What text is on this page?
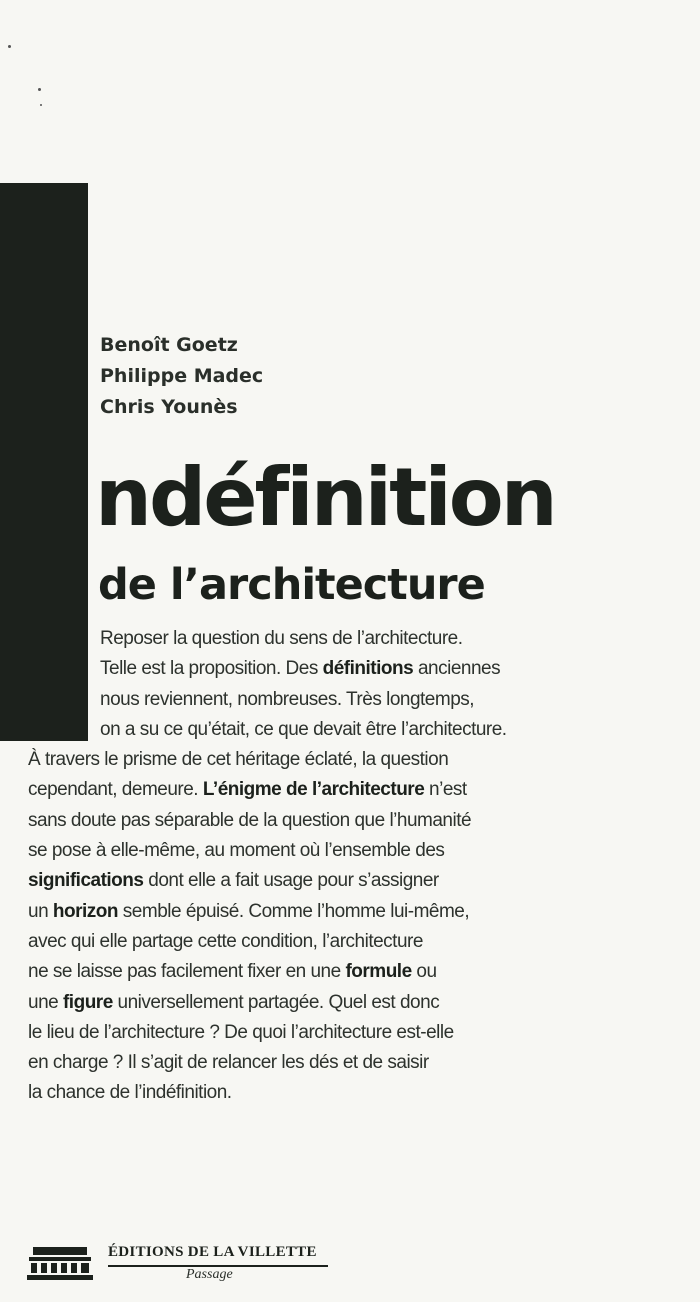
Benoît Goetz
Philippe Madec
Chris Younès
ndéfinition
de l’architecture
Reposer la question du sens de l’architecture.
Telle est la proposition. Des définitions anciennes
nous reviennent, nombreuses. Très longtemps,
on a su ce qu’était, ce que devait être l’architecture.
À travers le prisme de cet héritage éclaté, la question
cependant, demeure. L’énigme de l’architecture n’est
sans doute pas séparable de la question que l’humanité
se pose à elle-même, au moment où l’ensemble des
significations dont elle a fait usage pour s’assigner
un horizon semble épuisé. Comme l’homme lui-même,
avec qui elle partage cette condition, l’architecture
ne se laisse pas facilement fixer en une formule ou
une figure universellement partagée. Quel est donc
le lieu de l’architecture ? De quoi l’architecture est-elle
en charge ? Il s’agit de relancer les dés et de saisir
la chance de l’indéfinition.
ÉDITIONS DE LA VILLETTE
Passage
